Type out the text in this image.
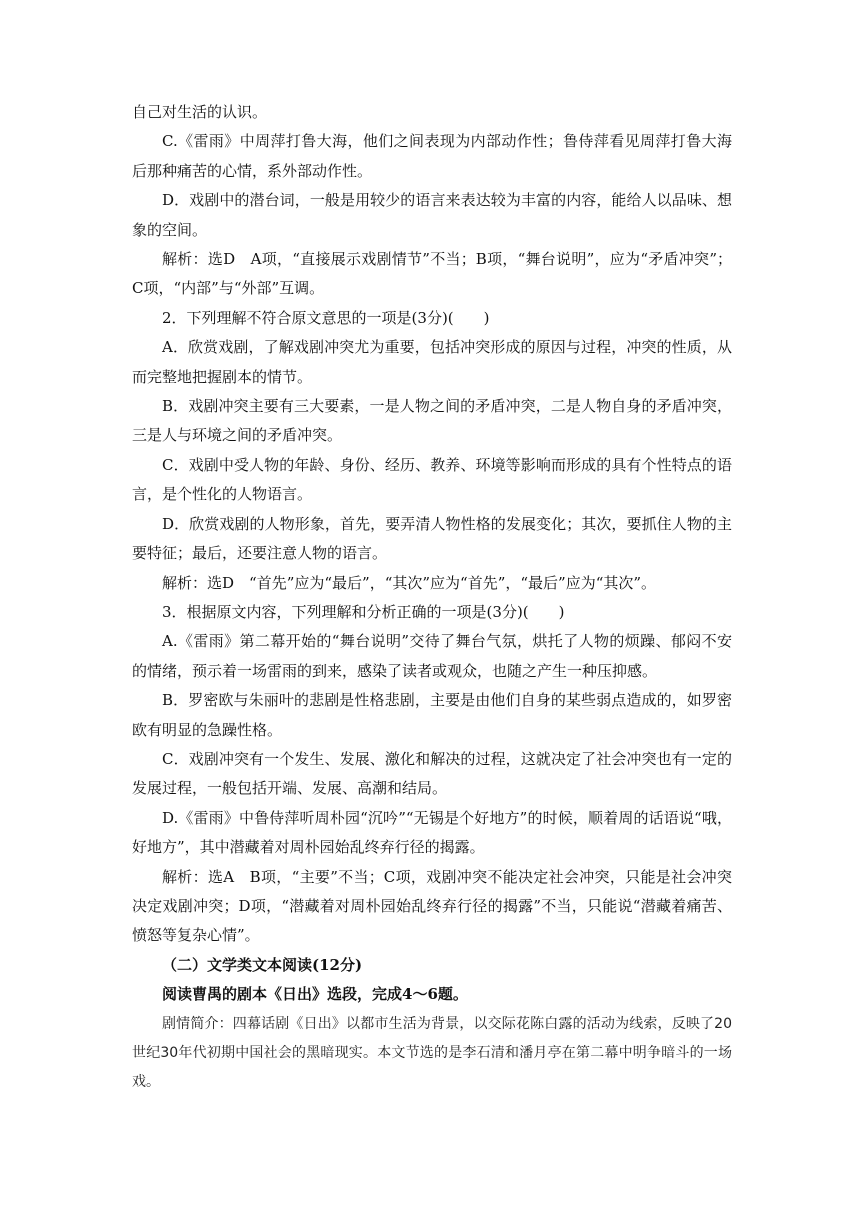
自己对生活的认识。

C.《雷雨》中周萍打鲁大海，他们之间表现为内部动作性；鲁侍萍看见周萍打鲁大海后那种痛苦的心情，系外部动作性。

D．戏剧中的潜台词，一般是用较少的语言来表达较为丰富的内容，能给人以品味、想象的空间。

解析：选D　A项，“直接展示戏剧情节”不当；B项，“舞台说明”，应为“矛盾冲突”；C项，“内部”与“外部”互调。

2．下列理解不符合原文意思的一项是(3分)(　　)

A．欣赏戏剧，了解戏剧冲突尤为重要，包括冲突形成的原因与过程，冲突的性质，从而完整地把握剧本的情节。

B．戏剧冲突主要有三大要素，一是人物之间的矛盾冲突，二是人物自身的矛盾冲突，三是人与环境之间的矛盾冲突。

C．戏剧中受人物的年龄、身份、经历、教养、环境等影响而形成的具有个性特点的语言，是个性化的人物语言。

D．欣赏戏剧的人物形象，首先，要弄清人物性格的发展变化；其次，要抓住人物的主要特征；最后，还要注意人物的语言。

解析：选D　“首先”应为“最后”，“其次”应为“首先”，“最后”应为“其次”。

3．根据原文内容，下列理解和分析正确的一项是(3分)(　　)

A.《雷雨》第二幕开始的“舞台说明”交待了舞台气氛，烘托了人物的烦躁、郁闷不安的情绪，预示着一场雷雨的到来，感染了读者或观众，也随之产生一种压抑感。

B．罗密欧与朱丽叶的悲剧是性格悲剧，主要是由他们自身的某些弱点造成的，如罗密欧有明显的急躁性格。

C．戏剧冲突有一个发生、发展、激化和解决的过程，这就决定了社会冲突也有一定的发展过程，一般包括开端、发展、高潮和结局。

D.《雷雨》中鲁侍萍听周朴园“沉吟”“无锡是个好地方”的时候，顺着周的话语说“哦，好地方”，其中潜藏着对周朴园始乱终弃行径的揭露。

解析：选A　B项，“主要”不当；C项，戏剧冲突不能决定社会冲突，只能是社会冲突决定戏剧冲突；D项，“潜藏着对周朴园始乱终弃行径的揭露”不当，只能说“潜藏着痛苦、愤怒等复杂心情”。

（二）文学类文本阅读(12分)

阅读曹禺的剧本《日出》选段，完成4～6题。

剧情简介：四幕话剧《日出》以都市生活为背景，以交际花陈白露的活动为线索，反映了20世纪30年代初期中国社会的黑暗现实。本文节选的是李石清和潘月亭在第二幕中明争暗斗的一场戏。
